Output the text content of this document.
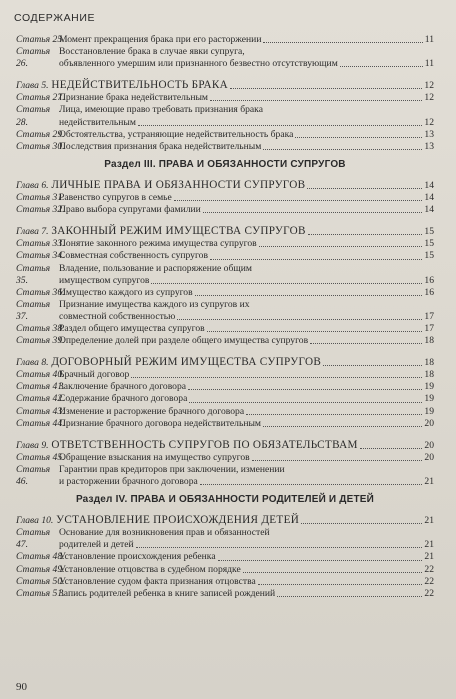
СОДЕРЖАНИЕ
Статья 25.Момент прекращения брака при его расторжении	11
Статья 26.
Восстановление брака в случае явки супруга,
объявленного умершим или признанного безвестно отсутствующим	11
Глава 5. НЕДЕЙСТВИТЕЛЬНОСТЬ БРАКА	12
Статья 27.Признание брака недействительным	12
Статья 28.
Лица, имеющие право требовать признания брака
недействительным	12
Статья 29.Обстоятельства, устраняющие недействительность брака	13
Статья 30.Последствия признания брака недействительным	13
Раздел III. ПРАВА И ОБЯЗАННОСТИ СУПРУГОВ
Глава 6. ЛИЧНЫЕ ПРАВА И ОБЯЗАННОСТИ СУПРУГОВ	14
Статья 31.Равенство супругов в семье	14
Статья 32.Право выбора супругами фамилии	14
Глава 7. ЗАКОННЫЙ РЕЖИМ ИМУЩЕСТВА СУПРУГОВ	15
Статья 33.Понятие законного режима имущества супругов	15
Статья 34.Совместная собственность супругов	15
Статья 35.
Владение, пользование и распоряжение общим
имуществом супругов	16
Статья 36.Имущество каждого из супругов	16
Статья 37.
Признание имущества каждого из супругов их
совместной собственностью	17
Статья 38.Раздел общего имущества супругов	17
Статья 39.Определение долей при разделе общего имущества супругов	18
Глава 8. ДОГОВОРНЫЙ РЕЖИМ ИМУЩЕСТВА СУПРУГОВ	18
Статья 40.Брачный договор	18
Статья 41.Заключение брачного договора	19
Статья 42.Содержание брачного договора	19
Статья 43.Изменение и расторжение брачного договора	19
Статья 44.Признание брачного договора недействительным	20
Глава 9. ОТВЕТСТВЕННОСТЬ СУПРУГОВ ПО ОБЯЗАТЕЛЬСТВАМ	20
Статья 45.Обращение взыскания на имущество супругов	20
Статья 46.
Гарантии прав кредиторов при заключении, изменении
и расторжении брачного договора	21
Раздел IV. ПРАВА И ОБЯЗАННОСТИ РОДИТЕЛЕЙ И ДЕТЕЙ
Глава 10. УСТАНОВЛЕНИЕ ПРОИСХОЖДЕНИЯ ДЕТЕЙ	21
Статья 47.
Основание для возникновения прав и обязанностей
родителей и детей	21
Статья 48.Установление происхождения ребенка	21
Статья 49.Установление отцовства в судебном порядке	22
Статья 50.Установление судом факта признания отцовства	22
Статья 51.Запись родителей ребенка в книге записей рождений	22
90
